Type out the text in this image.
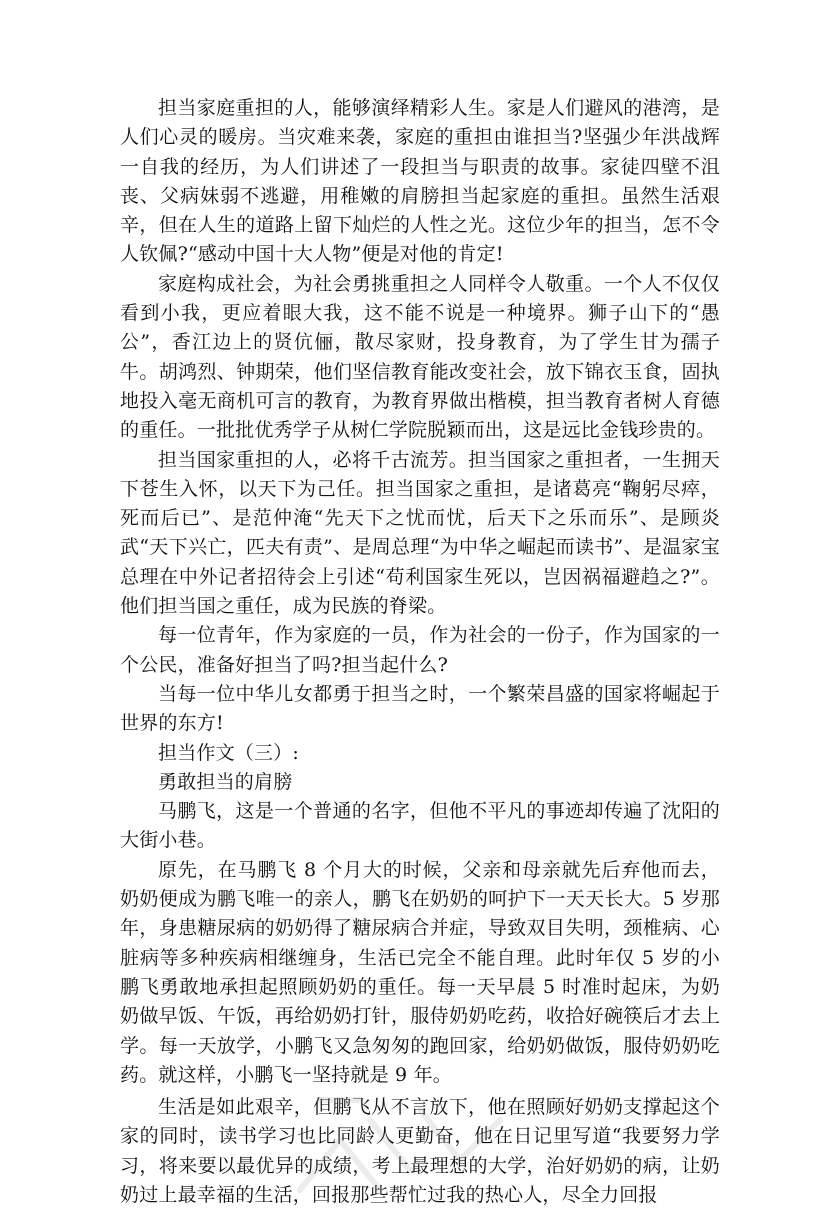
担当家庭重担的人，能够演绎精彩人生。家是人们避风的港湾，是人们心灵的暖房。当灾难来袭，家庭的重担由谁担当?坚强少年洪战辉一自我的经历，为人们讲述了一段担当与职责的故事。家徒四壁不沮丧、父病妹弱不逃避，用稚嫩的肩膀担当起家庭的重担。虽然生活艰辛，但在人生的道路上留下灿烂的人性之光。这位少年的担当，怎不令人钦佩?“感动中国十大人物”便是对他的肯定!

家庭构成社会，为社会勇挑重担之人同样令人敬重。一个人不仅仅看到小我，更应着眼大我，这不能不说是一种境界。狮子山下的“愚公”，香江边上的贤伉俪，散尽家财，投身教育，为了学生甘为孺子牛。胡鸿烈、钟期荣，他们坚信教育能改变社会，放下锦衣玉食，固执地投入毫无商机可言的教育，为教育界做出楷模，担当教育者树人育德的重任。一批批优秀学子从树仁学院脱颖而出，这是远比金钱珍贵的。

担当国家重担的人，必将千古流芳。担当国家之重担者，一生拥天下苍生入怀，以天下为己任。担当国家之重担，是诸葛亮“鞠躬尽瘁，死而后已”、是范仲淹“先天下之忧而忧，后天下之乐而乐”、是顾炎武“天下兴亡，匹夫有责”、是周总理“为中华之崛起而读书”、是温家宝总理在中外记者招待会上引述“苟利国家生死以，岂因祸福避趋之?”。他们担当国之重任，成为民族的脊梁。

每一位青年，作为家庭的一员，作为社会的一份子，作为国家的一个公民，准备好担当了吗?担当起什么?

当每一位中华儿女都勇于担当之时，一个繁荣昌盛的国家将崛起于世界的东方!

担当作文（三）:

勇敢担当的肩膀

马鹏飞，这是一个普通的名字，但他不平凡的事迹却传遍了沈阳的大街小巷。

原先，在马鹏飞 8 个月大的时候，父亲和母亲就先后弃他而去，奶奶便成为鹏飞唯一的亲人，鹏飞在奶奶的呵护下一天天长大。5 岁那年，身患糖尿病的奶奶得了糖尿病合并症，导致双目失明，颈椎病、心脏病等多种疾病相继缠身，生活已完全不能自理。此时年仅 5 岁的小鹏飞勇敢地承担起照顾奶奶的重任。每一天早晨 5 时准时起床，为奶奶做早饭、午饭，再给奶奶打针，服侍奶奶吃药，收拾好碗筷后才去上学。每一天放学，小鹏飞又急匆匆的跑回家，给奶奶做饭，服侍奶奶吃药。就这样，小鹏飞一坚持就是 9 年。

生活是如此艰辛，但鹏飞从不言放下，他在照顾好奶奶支撑起这个家的同时，读书学习也比同龄人更勤奋，他在日记里写道“我要努力学习，将来要以最优异的成绩，考上最理想的大学，治好奶奶的病，让奶奶过上最幸福的生活，回报那些帮忙过我的热心人，尽全力回报
